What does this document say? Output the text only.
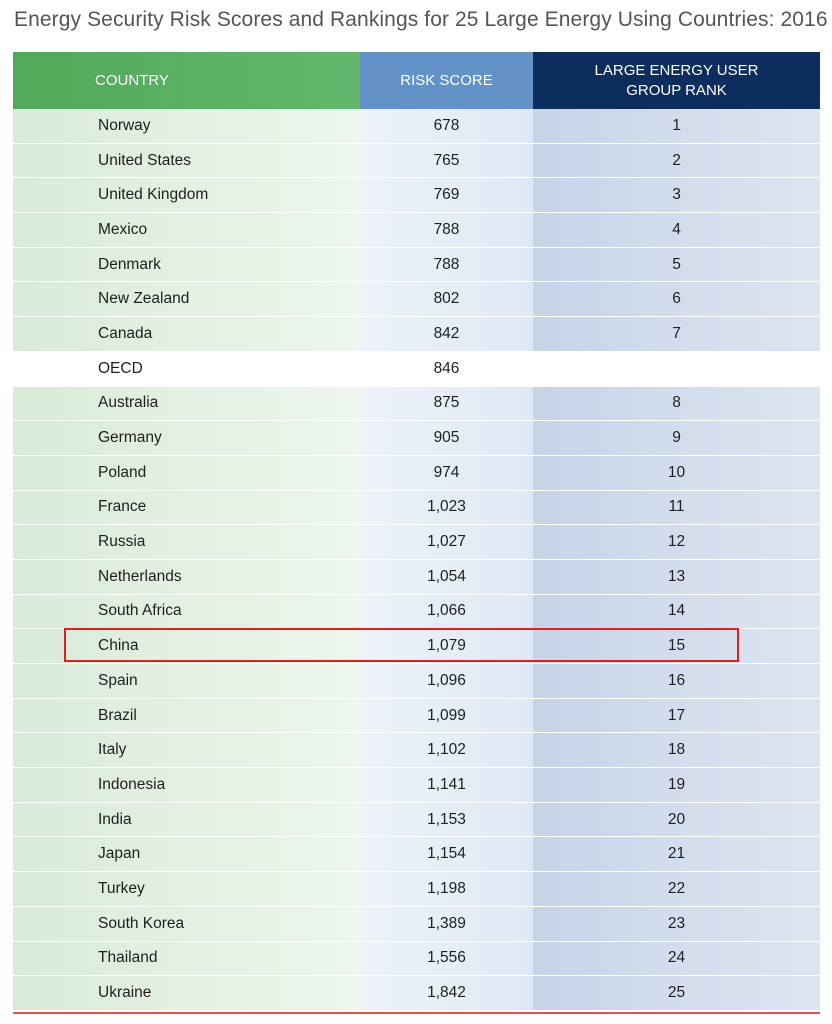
Energy Security Risk Scores and Rankings for 25 Large Energy Using Countries: 2016
COUNTRY	RISK SCORE
LARGE ENERGY USER
GROUP RANK
Norway	678	1
United States	765	2
United Kingdom	769	3
Mexico	788	4
Denmark	788	5
New Zealand	802	6
Canada	842	7
OECD	846
Australia	875	8
Germany	905	9
Poland	974	10
France	1,023	11
Russia	1,027	12
Netherlands	1,054	13
South Africa	1,066	14
China	1,079	15
Spain	1,096	16
Brazil	1,099	17
Italy	1,102	18
Indonesia	1,141	19
India	1,153	20
Japan	1,154	21
Turkey	1,198	22
South Korea	1,389	23
Thailand	1,556	24
Ukraine	1,842	25
